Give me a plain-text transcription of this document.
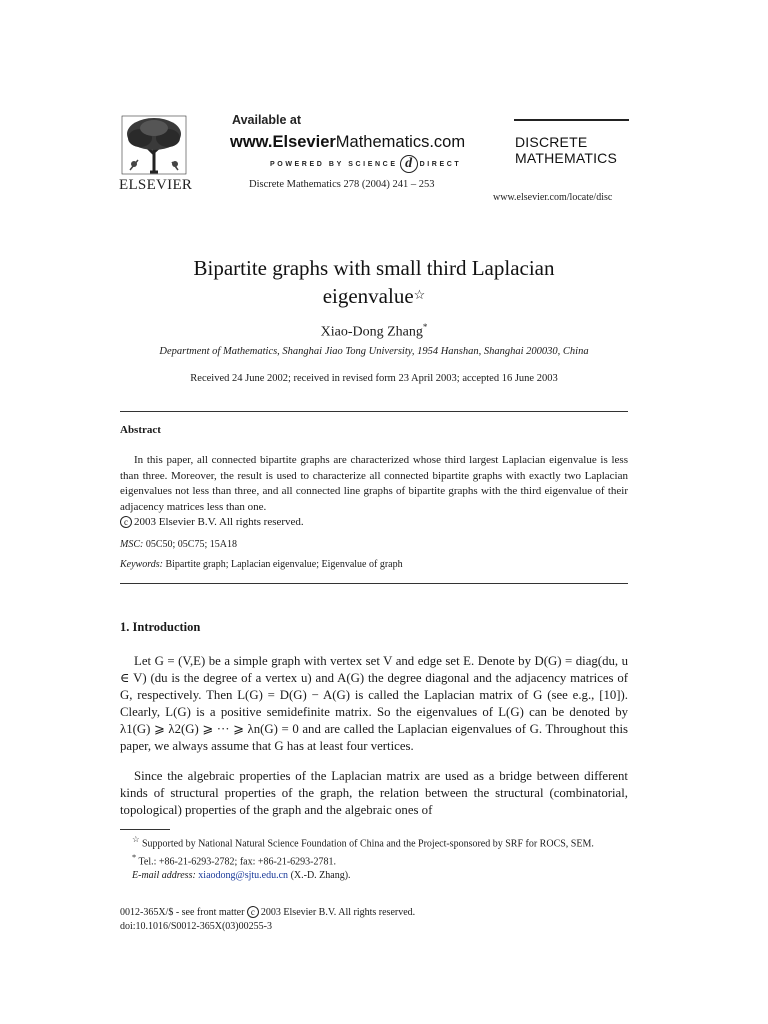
ELSEVIER
Available at
www.ElsevierMathematics.com
POWERED BY SCIENCE d DIRECT
Discrete Mathematics 278 (2004) 241 – 253
DISCRETE
MATHEMATICS
www.elsevier.com/locate/disc
Bipartite graphs with small third Laplacian
eigenvalue☆
Xiao-Dong Zhang*
Department of Mathematics, Shanghai Jiao Tong University, 1954 Hanshan, Shanghai 200030, China
Received 24 June 2002; received in revised form 23 April 2003; accepted 16 June 2003
Abstract
In this paper, all connected bipartite graphs are characterized whose third largest Laplacian eigenvalue is less than three. Moreover, the result is used to characterize all connected bipartite graphs with exactly two Laplacian eigenvalues not less than three, and all connected line graphs of bipartite graphs with the third eigenvalue of their adjacency matrices less than one.
c 2003 Elsevier B.V. All rights reserved.
MSC: 05C50; 05C75; 15A18
Keywords: Bipartite graph; Laplacian eigenvalue; Eigenvalue of graph
1. Introduction
Let G = (V,E) be a simple graph with vertex set V and edge set E. Denote by D(G) = diag(du, u ∈ V) (du is the degree of a vertex u) and A(G) the degree diagonal and the adjacency matrices of G, respectively. Then L(G) = D(G) − A(G) is called the Laplacian matrix of G (see e.g., [10]). Clearly, L(G) is a positive semidefinite matrix. So the eigenvalues of L(G) can be denoted by λ1(G) ⩾ λ2(G) ⩾ ··· ⩾ λn(G) = 0 and are called the Laplacian eigenvalues of G. Throughout this paper, we always assume that G has at least four vertices.
Since the algebraic properties of the Laplacian matrix are used as a bridge between different kinds of structural properties of the graph, the relation between the structural (combinatorial, topological) properties of the graph and the algebraic ones of
☆ Supported by National Natural Science Foundation of China and the Project-sponsored by SRF for ROCS, SEM.
* Tel.: +86-21-6293-2782; fax: +86-21-6293-2781.
E-mail address: xiaodong@sjtu.edu.cn (X.-D. Zhang).
0012-365X/$ - see front matter c 2003 Elsevier B.V. All rights reserved.
doi:10.1016/S0012-365X(03)00255-3
